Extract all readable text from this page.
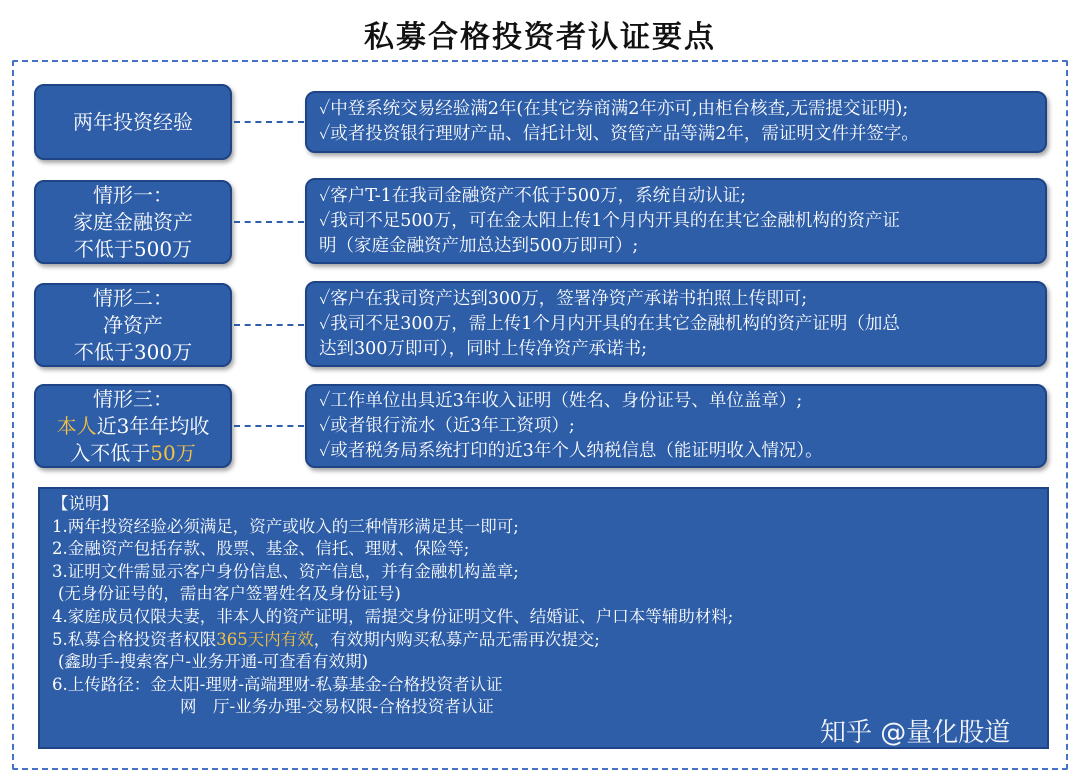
私募合格投资者认证要点
两年投资经验
✓中登系统交易经验满2年(在其它券商满2年亦可,由柜台核查,无需提交证明);
✓或者投资银行理财产品、信托计划、资管产品等满2年，需证明文件并签字。
情形一：
家庭金融资产
不低于500万
✓客户T-1在我司金融资产不低于500万，系统自动认证;
✓我司不足500万，可在金太阳上传1个月内开具的在其它金融机构的资产证
明（家庭金融资产加总达到500万即可）;
情形二：
净资产
不低于300万
✓客户在我司资产达到300万，签署净资产承诺书拍照上传即可;
✓我司不足300万，需上传1个月内开具的在其它金融机构的资产证明（加总
达到300万即可），同时上传净资产承诺书;
情形三：
本人近3年年均收
入不低于50万
✓工作单位出具近3年收入证明（姓名、身份证号、单位盖章）;
✓或者银行流水（近3年工资项）;
✓或者税务局系统打印的近3年个人纳税信息（能证明收入情况）。
【说明】
1.两年投资经验必须满足，资产或收入的三种情形满足其一即可;
2.金融资产包括存款、股票、基金、信托、理财、保险等;
3.证明文件需显示客户身份信息、资产信息，并有金融机构盖章;
(无身份证号的，需由客户签署姓名及身份证号)
4.家庭成员仅限夫妻，非本人的资产证明，需提交身份证明文件、结婚证、户口本等辅助材料;
5.私募合格投资者权限365天内有效，有效期内购买私募产品无需再次提交;
(鑫助手-搜索客户-业务开通-可查看有效期)
6.上传路径：金太阳-理财-高端理财-私募基金-合格投资者认证
网　厅-业务办理-交易权限-合格投资者认证
知乎 @量化股道
